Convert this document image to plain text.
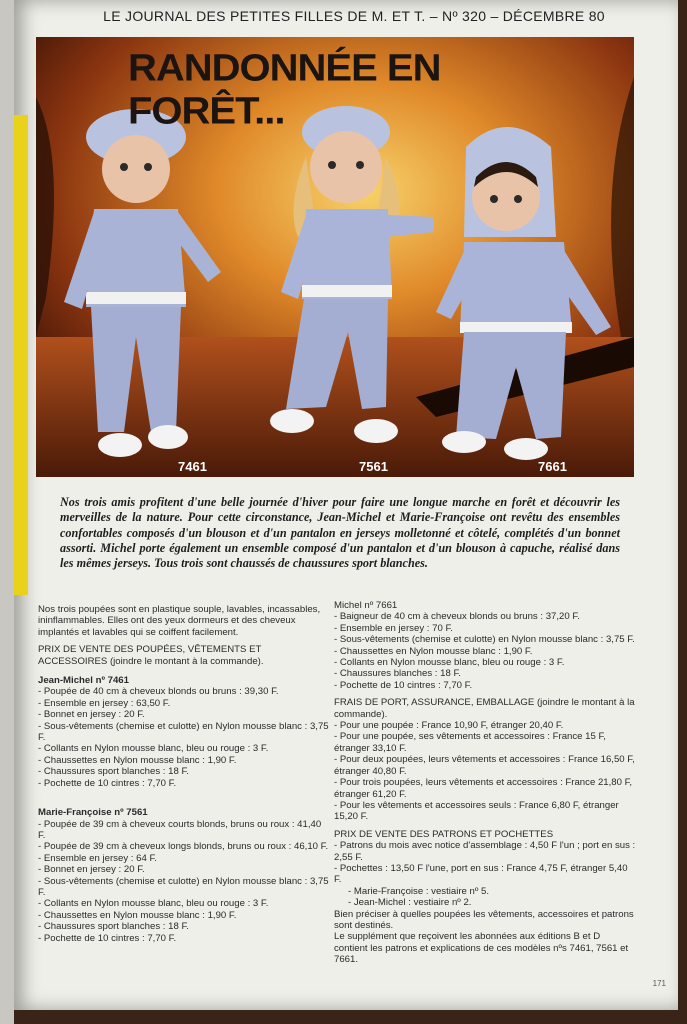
LE JOURNAL DES PETITES FILLES DE M. ET T. – Nº 320 – DÉCEMBRE 80
RANDONNÉE EN FORÊT...
7461	7561	7661
Nos trois amis profitent d'une belle journée d'hiver pour faire une longue marche en forêt et découvrir les merveilles de la nature. Pour cette circonstance, Jean-Michel et Marie-Françoise ont revêtu des ensembles confortables composés d'un blouson et d'un pantalon en jerseys molletonné et côtelé, complétés d'un bonnet assorti. Michel porte également un ensemble composé d'un pantalon et d'un blouson à capuche, réalisé dans les mêmes jerseys. Tous trois sont chaussés de chaussures sport blanches.

Nos trois poupées sont en plastique souple, lavables, incassables, ininflammables. Elles ont des yeux dormeurs et des cheveux implantés et lavables qui se coiffent facilement.

PRIX DE VENTE DES POUPÉES, VÊTEMENTS ET ACCESSOIRES (joindre le montant à la commande).

Jean-Michel nº 7461

- Poupée de 40 cm à cheveux blonds ou bruns : 39,30 F.

- Ensemble en jersey : 63,50 F.

- Bonnet en jersey : 20 F.

- Sous-vêtements (chemise et culotte) en Nylon mousse blanc : 3,75 F.

- Collants en Nylon mousse blanc, bleu ou rouge : 3 F.

- Chaussettes en Nylon mousse blanc : 1,90 F.

- Chaussures sport blanches : 18 F.

- Pochette de 10 cintres : 7,70 F.

Marie-Françoise nº 7561

- Poupée de 39 cm à cheveux courts blonds, bruns ou roux : 41,40 F.

- Poupée de 39 cm à cheveux longs blonds, bruns ou roux : 46,10 F.

- Ensemble en jersey : 64 F.

- Bonnet en jersey : 20 F.

- Sous-vêtements (chemise et culotte) en Nylon mousse blanc : 3,75 F.

- Collants en Nylon mousse blanc, bleu ou rouge : 3 F.

- Chaussettes en Nylon mousse blanc : 1,90 F.

- Chaussures sport blanches : 18 F.

- Pochette de 10 cintres : 7,70 F.

Michel nº 7661

- Baigneur de 40 cm à cheveux blonds ou bruns : 37,20 F.

- Ensemble en jersey : 70 F.

- Sous-vêtements (chemise et culotte) en Nylon mousse blanc : 3,75 F.

- Chaussettes en Nylon mousse blanc : 1,90 F.

- Collants en Nylon mousse blanc, bleu ou rouge : 3 F.

- Chaussures blanches : 18 F.

- Pochette de 10 cintres : 7,70 F.

FRAIS DE PORT, ASSURANCE, EMBALLAGE (joindre le montant à la commande).

- Pour une poupée : France 10,90 F, étranger 20,40 F.

- Pour une poupée, ses vêtements et accessoires : France 15 F, étranger 33,10 F.

- Pour deux poupées, leurs vêtements et accessoires : France 16,50 F, étranger 40,80 F.

- Pour trois poupées, leurs vêtements et accessoires : France 21,80 F, étranger 61,20 F.

- Pour les vêtements et accessoires seuls : France 6,80 F, étranger 15,20 F.

PRIX DE VENTE DES PATRONS ET POCHETTES

- Patrons du mois avec notice d'assemblage : 4,50 F l'un ; port en sus : 2,55 F.

- Pochettes : 13,50 F l'une, port en sus : France 4,75 F, étranger 5,40 F.

- Marie-Françoise : vestiaire nº 5.

- Jean-Michel : vestiaire nº 2.

Bien préciser à quelles poupées les vêtements, accessoires et patrons sont destinés.

Le supplément que reçoivent les abonnées aux éditions B et D contient les patrons et explications de ces modèles nºs 7461, 7561 et 7661.

171
